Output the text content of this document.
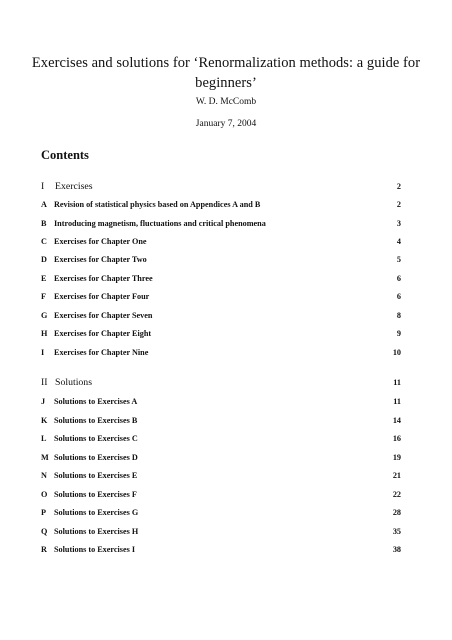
Exercises and solutions for ‘Renormalization methods: a guide for
beginners’
W. D. McComb
January 7, 2004
Contents
I Exercises	2
A Revision of statistical physics based on Appendices A and B	2
B Introducing magnetism, fluctuations and critical phenomena	3
C Exercises for Chapter One	4
D Exercises for Chapter Two	5
E Exercises for Chapter Three	6
F Exercises for Chapter Four	6
G Exercises for Chapter Seven	8
H Exercises for Chapter Eight	9
I Exercises for Chapter Nine	10
II Solutions	11
J Solutions to Exercises A	11
K Solutions to Exercises B	14
L Solutions to Exercises C	16
M Solutions to Exercises D	19
N Solutions to Exercises E	21
O Solutions to Exercises F	22
P Solutions to Exercises G	28
Q Solutions to Exercises H	35
R Solutions to Exercises I	38
